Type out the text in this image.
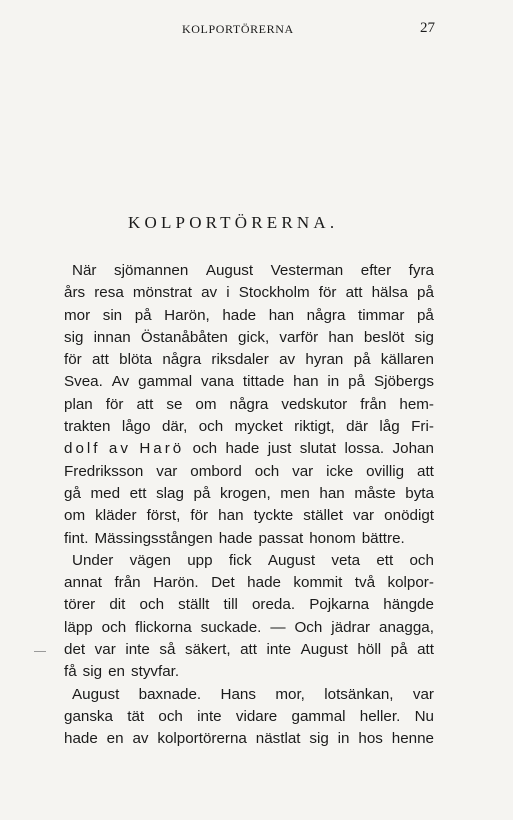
KOLPORTÖRERNA	27
KOLPORTÖRERNA.
När sjömannen August Vesterman efter fyra
års resa mönstrat av i Stockholm för att hälsa på
mor sin på Harön, hade han några timmar på
sig innan Östanåbåten gick, varför han beslöt sig
för att blöta några riksdaler av hyran på källaren
Svea. Av gammal vana tittade han in på Sjöbergs
plan för att se om några vedskutor från hem-
trakten lågo där, och mycket riktigt, där låg Fri-
dolf av Harö och hade just slutat lossa. Johan
Fredriksson var ombord och var icke ovillig att
gå med ett slag på krogen, men han måste byta
om kläder först, för han tyckte stället var onödigt
fint. Mässingsstången hade passat honom bättre.
Under vägen upp fick August veta ett och
annat från Harön. Det hade kommit två kolpor-
törer dit och ställt till oreda. Pojkarna hängde
läpp och flickorna suckade. — Och jädrar anagga,
det var inte så säkert, att inte August höll på att
få sig en styvfar.
August baxnade. Hans mor, lotsänkan, var
ganska tät och inte vidare gammal heller. Nu
hade en av kolportörerna nästlat sig in hos henne
